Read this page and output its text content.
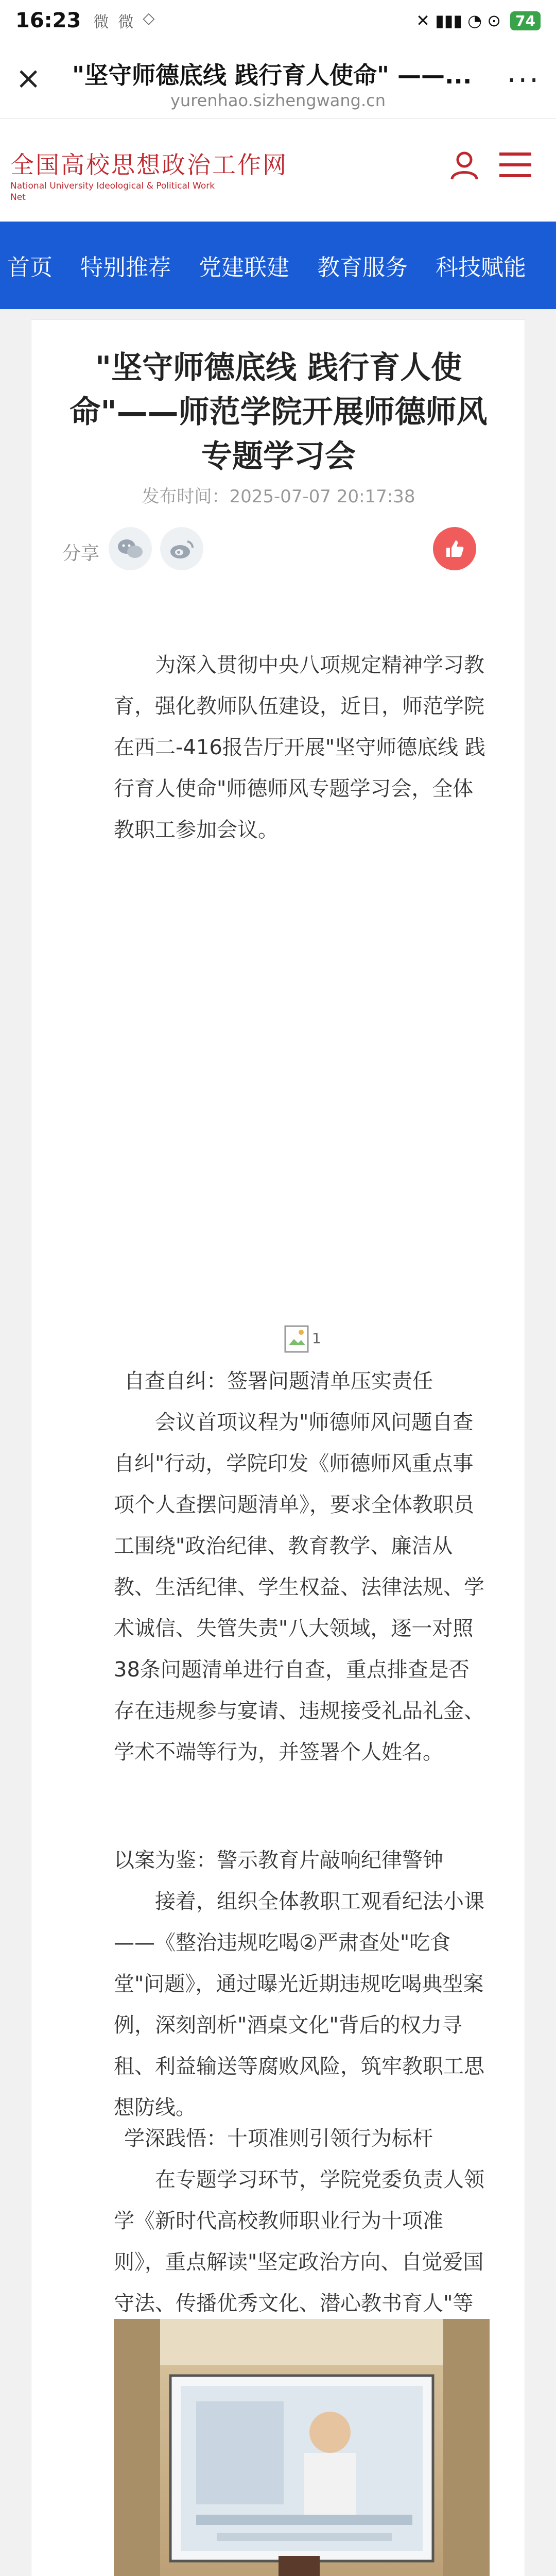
16:23 微 微 ◇	✕ ▮▮▮ ◔ ⊙	74
× "坚守师德底线 践行育人使命" ——...
yurenhao.sizhengwang.cn
···
全国高校思想政治工作网
National University Ideological & Political Work Net
首页 特别推荐 党建联建 教育服务 科技赋能
"坚守师德底线 践行育人使命"——师范学院开展师德师风专题学习会
发布时间：2025-07-07 20:17:38
分享

为深入贯彻中央八项规定精神学习教育，强化教师队伍建设，近日，师范学院在西二-416报告厅开展"坚守师德底线 践行育人使命"师德师风专题学习会，全体教职工参加会议。

1

自查自纠：签署问题清单压实责任

会议首项议程为"师德师风问题自查自纠"行动，学院印发《师德师风重点事项个人查摆问题清单》，要求全体教职员工围绕"政治纪律、教育教学、廉洁从教、生活纪律、学生权益、法律法规、学术诚信、失管失责"八大领域，逐一对照38条问题清单进行自查，重点排查是否存在违规参与宴请、违规接受礼品礼金、学术不端等行为，并签署个人姓名。

以案为鉴：警示教育片敲响纪律警钟

接着，组织全体教职工观看纪法小课——《整治违规吃喝②严肃查处"吃食堂"问题》，通过曝光近期违规吃喝典型案例，深刻剖析"酒桌文化"背后的权力寻租、利益输送等腐败风险，筑牢教职工思想防线。

学深践悟：十项准则引领行为标杆

在专题学习环节，学院党委负责人领学《新时代高校教师职业行为十项准则》，重点解读"坚定政治方向、自觉爱国守法、传播优秀文化、潜心教书育人"等
